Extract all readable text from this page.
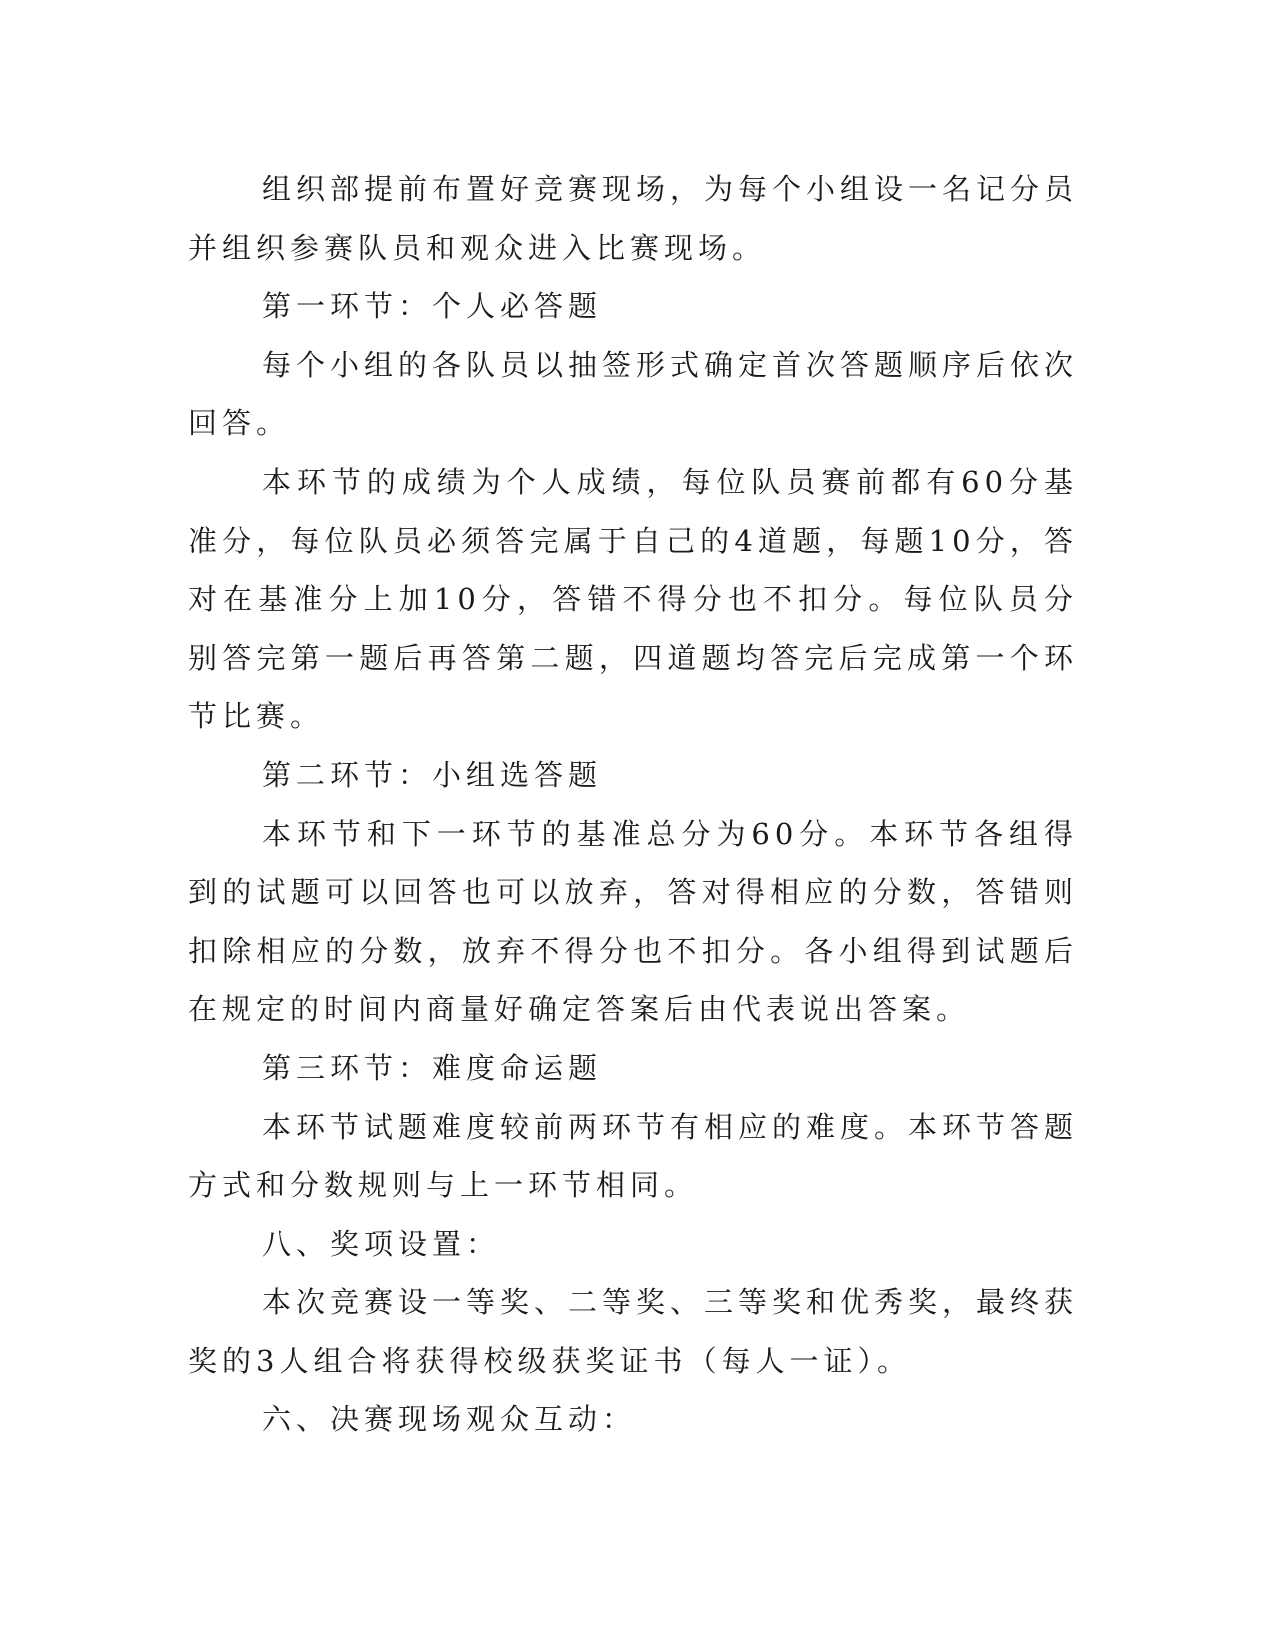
组织部提前布置好竞赛现场，为每个小组设一名记分员并组织参赛队员和观众进入比赛现场。

第一环节：个人必答题

每个小组的各队员以抽签形式确定首次答题顺序后依次回答。

本环节的成绩为个人成绩，每位队员赛前都有60分基准分，每位队员必须答完属于自己的4道题，每题10分，答对在基准分上加10分，答错不得分也不扣分。每位队员分别答完第一题后再答第二题，四道题均答完后完成第一个环节比赛。

第二环节：小组选答题

本环节和下一环节的基准总分为60分。本环节各组得到的试题可以回答也可以放弃，答对得相应的分数，答错则扣除相应的分数，放弃不得分也不扣分。各小组得到试题后在规定的时间内商量好确定答案后由代表说出答案。

第三环节：难度命运题

本环节试题难度较前两环节有相应的难度。本环节答题方式和分数规则与上一环节相同。

八、奖项设置：

本次竞赛设一等奖、二等奖、三等奖和优秀奖，最终获奖的3人组合将获得校级获奖证书（每人一证）。

六、决赛现场观众互动：
